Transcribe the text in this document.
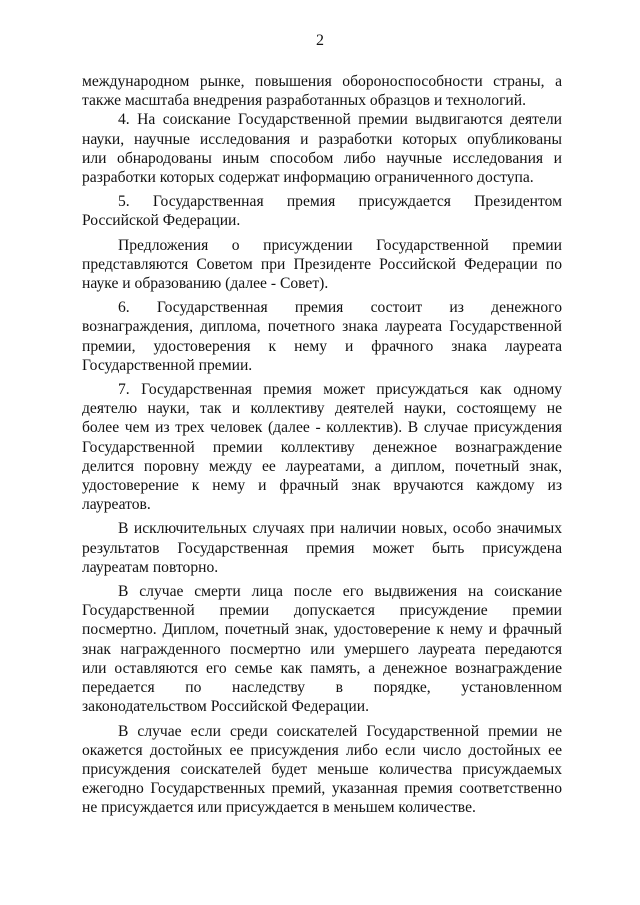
2
международном рынке, повышения обороноспособности страны, а
также масштаба внедрения разработанных образцов и технологий.
4. На соискание Государственной премии выдвигаются деятели
науки, научные исследования и разработки которых опубликованы
или обнародованы иным способом либо научные исследования и
разработки которых содержат информацию ограниченного доступа.
5. Государственная премия присуждается Президентом
Российской Федерации.
Предложения о присуждении Государственной премии
представляются Советом при Президенте Российской Федерации по
науке и образованию (далее - Совет).
6. Государственная премия состоит из денежного
вознаграждения, диплома, почетного знака лауреата Государственной
премии, удостоверения к нему и фрачного знака лауреата
Государственной премии.
7. Государственная премия может присуждаться как одному
деятелю науки, так и коллективу деятелей науки, состоящему не
более чем из трех человек (далее - коллектив). В случае присуждения
Государственной премии коллективу денежное вознаграждение
делится поровну между ее лауреатами, а диплом, почетный знак,
удостоверение к нему и фрачный знак вручаются каждому из
лауреатов.
В исключительных случаях при наличии новых, особо значимых
результатов Государственная премия может быть присуждена
лауреатам повторно.
В случае смерти лица после его выдвижения на соискание
Государственной премии допускается присуждение премии
посмертно. Диплом, почетный знак, удостоверение к нему и фрачный
знак награжденного посмертно или умершего лауреата передаются
или оставляются его семье как память, а денежное вознаграждение
передается по наследству в порядке, установленном
законодательством Российской Федерации.
В случае если среди соискателей Государственной премии не
окажется достойных ее присуждения либо если число достойных ее
присуждения соискателей будет меньше количества присуждаемых
ежегодно Государственных премий, указанная премия соответственно
не присуждается или присуждается в меньшем количестве.
